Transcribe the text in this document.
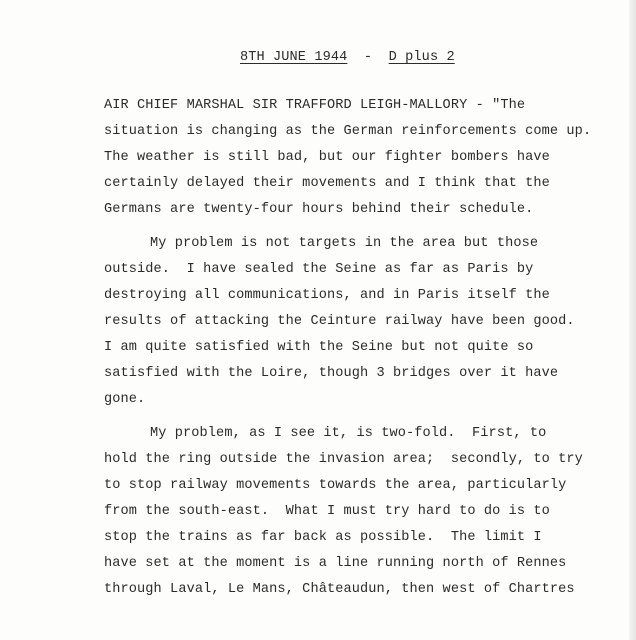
8TH JUNE 1944 - D plus 2
AIR CHIEF MARSHAL SIR TRAFFORD LEIGH-MALLORY - "The
situation is changing as the German reinforcements come up.
The weather is still bad, but our fighter bombers have
certainly delayed their movements and I think that the
Germans are twenty-four hours behind their schedule.
My problem is not targets in the area but those
outside.  I have sealed the Seine as far as Paris by
destroying all communications, and in Paris itself the
results of attacking the Ceinture railway have been good.
I am quite satisfied with the Seine but not quite so
satisfied with the Loire, though 3 bridges over it have
gone.
My problem, as I see it, is two-fold.  First, to
hold the ring outside the invasion area;  secondly, to try
to stop railway movements towards the area, particularly
from the south-east.  What I must try hard to do is to
stop the trains as far back as possible.  The limit I
have set at the moment is a line running north of Rennes
through Laval, Le Mans, Châteaudun, then west of Chartres
